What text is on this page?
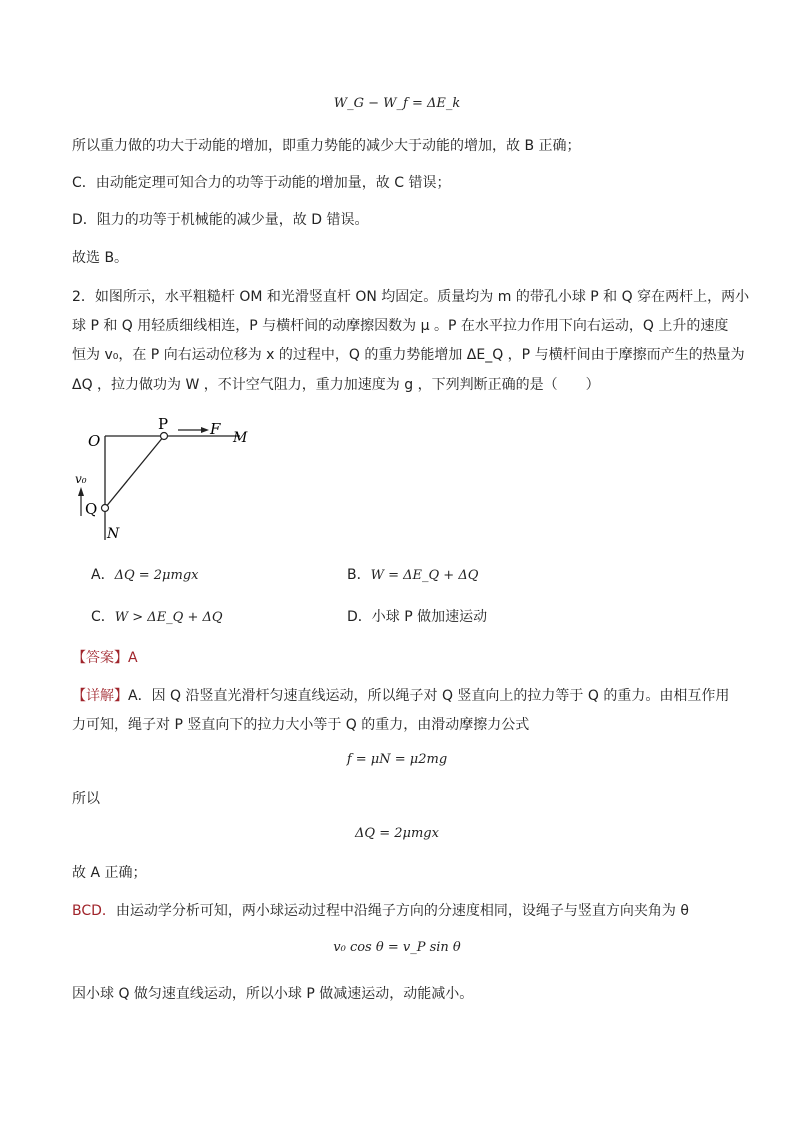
W_G − W_f = ΔE_k
所以重力做的功大于动能的增加，即重力势能的减少大于动能的增加，故 B 正确；
C．由动能定理可知合力的功等于动能的增加量，故 C 错误；
D．阻力的功等于机械能的减少量，故 D 错误。
故选 B。
2．如图所示，水平粗糙杆 OM 和光滑竖直杆 ON 均固定。质量均为 m 的带孔小球 P 和 Q 穿在两杆上，两小
球 P 和 Q 用轻质细线相连，P 与横杆间的动摩擦因数为 μ 。P 在水平拉力作用下向右运动，Q 上升的速度
恒为 v₀，在 P 向右运动位移为 x 的过程中，Q 的重力势能增加 ΔE_Q ，P 与横杆间由于摩擦而产生的热量为
ΔQ ，拉力做功为 W ，不计空气阻力，重力加速度为 g ，下列判断正确的是（　　）
O
P	F M
v₀
Q
N
A．ΔQ = 2μmgx	B．W = ΔE_Q + ΔQ
C．W > ΔE_Q + ΔQ	D．小球 P 做加速运动
【答案】A
【详解】A．因 Q 沿竖直光滑杆匀速直线运动，所以绳子对 Q 竖直向上的拉力等于 Q 的重力。由相互作用
力可知，绳子对 P 竖直向下的拉力大小等于 Q 的重力，由滑动摩擦力公式
f = μN = μ2mg
所以
ΔQ = 2μmgx
故 A 正确；
BCD．由运动学分析可知，两小球运动过程中沿绳子方向的分速度相同，设绳子与竖直方向夹角为 θ
v₀ cos θ = v_P sin θ
因小球 Q 做匀速直线运动，所以小球 P 做减速运动，动能减小。
